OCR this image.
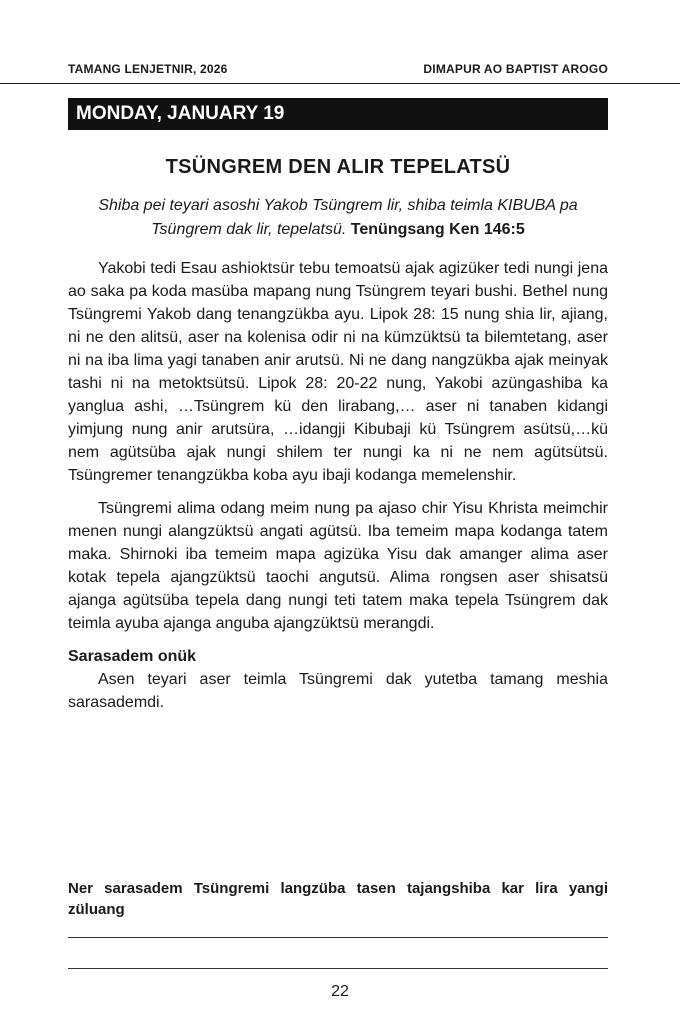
TAMANG LENJETNIR, 2026	DIMAPUR AO BAPTIST AROGO
MONDAY, JANUARY 19
TSÜNGREM DEN ALIR TEPELATSÜ
Shiba pei teyari asoshi Yakob Tsüngrem lir, shiba teimla KIBUBA pa Tsüngrem dak lir, tepelatsü. Tenüngsang Ken 146:5

Yakobi tedi Esau ashioktsür tebu temoatsü ajak agizüker tedi nungi jena ao saka pa koda masüba mapang nung Tsüngrem teyari bushi. Bethel nung Tsüngremi Yakob dang tenangzükba ayu. Lipok 28: 15 nung shia lir, ajiang, ni ne den alitsü, aser na kolenisa odir ni na kümzüktsü ta bilemtetang, aser ni na iba lima yagi tanaben anir arutsü. Ni ne dang nangzükba ajak meinyak tashi ni na metoktsütsü. Lipok 28: 20-22 nung, Yakobi azüngashiba ka yanglua ashi, …Tsüngrem kü den lirabang,… aser ni tanaben kidangi yimjung nung anir arutsüra, …idangji Kibubaji kü Tsüngrem asütsü,…kü nem agütsüba ajak nungi shilem ter nungi ka ni ne nem agütsütsü. Tsüngremer tenangzükba koba ayu ibaji kodanga memelenshir.

Tsüngremi alima odang meim nung pa ajaso chir Yisu Khrista meimchir menen nungi alangzüktsü angati agütsü. Iba temeim mapa kodanga tatem maka. Shirnoki iba temeim mapa agizüka Yisu dak amanger alima aser kotak tepela ajangzüktsü taochi angutsü. Alima rongsen aser shisatsü ajanga agütsüba tepela dang nungi teti tatem maka tepela Tsüngrem dak teimla ayuba ajanga anguba ajangzüktsü merangdi.

Sarasadem onük

Asen teyari aser teimla Tsüngremi dak yutetba tamang meshia sarasademdi.

Ner sarasadem Tsüngremi langzüba tasen tajangshiba kar lira yangi züluang
22
